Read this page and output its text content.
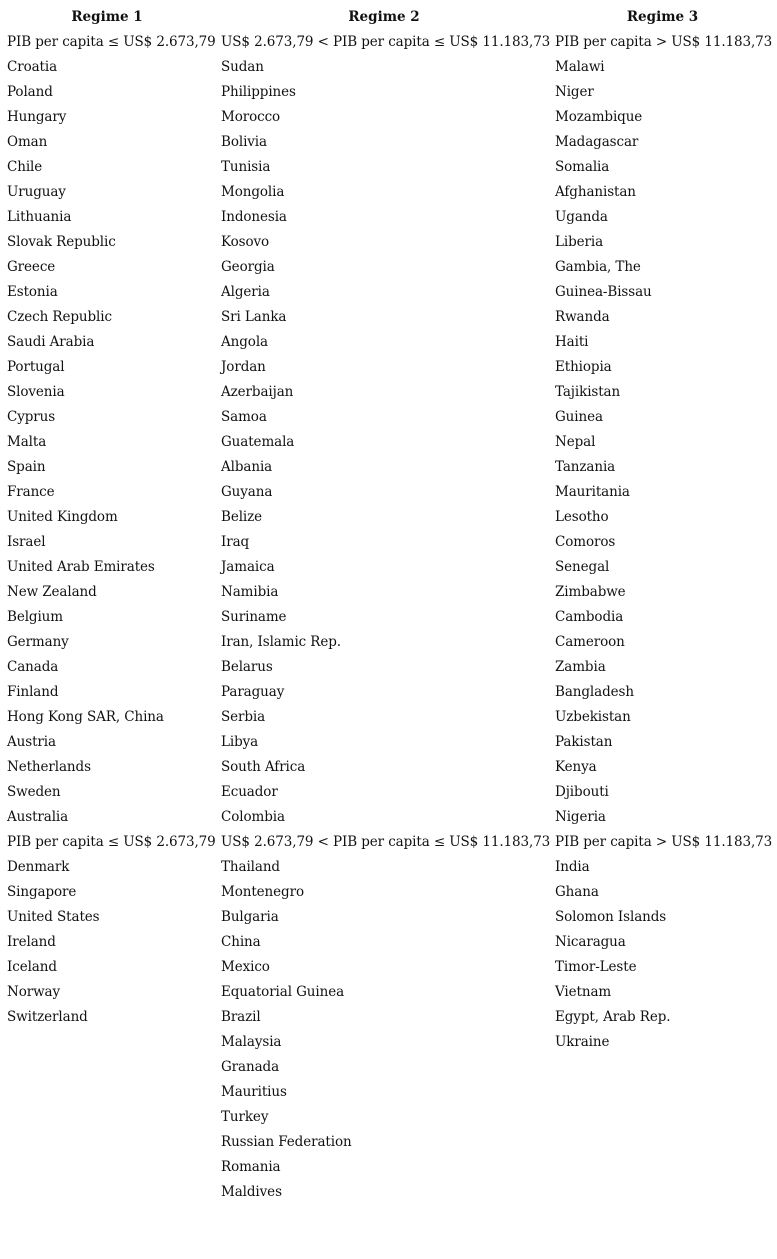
Regime 1
PIB per capita ≤ US$ 2.673,79
Croatia
Poland
Hungary
Oman
Chile
Uruguay
Lithuania
Slovak Republic
Greece
Estonia
Czech Republic
Saudi Arabia
Portugal
Slovenia
Cyprus
Malta
Spain
France
United Kingdom
Israel
United Arab Emirates
New Zealand
Belgium
Germany
Canada
Finland
Hong Kong SAR, China
Austria
Netherlands
Sweden
Australia
PIB per capita ≤ US$ 2.673,79
Denmark
Singapore
United States
Ireland
Iceland
Norway
Switzerland
Regime 2
US$ 2.673,79 < PIB per capita ≤ US$ 11.183,73
Sudan
Philippines
Morocco
Bolivia
Tunisia
Mongolia
Indonesia
Kosovo
Georgia
Algeria
Sri Lanka
Angola
Jordan
Azerbaijan
Samoa
Guatemala
Albania
Guyana
Belize
Iraq
Jamaica
Namibia
Suriname
Iran, Islamic Rep.
Belarus
Paraguay
Serbia
Libya
South Africa
Ecuador
Colombia
US$ 2.673,79 < PIB per capita ≤ US$ 11.183,73
Thailand
Montenegro
Bulgaria
China
Mexico
Equatorial Guinea
Brazil
Malaysia
Granada
Mauritius
Turkey
Russian Federation
Romania
Maldives
Regime 3
PIB per capita > US$ 11.183,73
Malawi
Niger
Mozambique
Madagascar
Somalia
Afghanistan
Uganda
Liberia
Gambia, The
Guinea-Bissau
Rwanda
Haiti
Ethiopia
Tajikistan
Guinea
Nepal
Tanzania
Mauritania
Lesotho
Comoros
Senegal
Zimbabwe
Cambodia
Cameroon
Zambia
Bangladesh
Uzbekistan
Pakistan
Kenya
Djibouti
Nigeria
PIB per capita > US$ 11.183,73
India
Ghana
Solomon Islands
Nicaragua
Timor-Leste
Vietnam
Egypt, Arab Rep.
Ukraine
